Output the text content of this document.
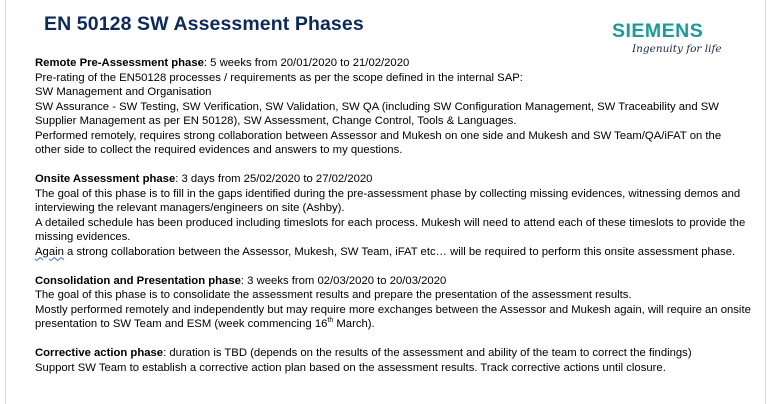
EN 50128 SW Assessment Phases	SIEMENS
Ingenuity for life
Remote Pre-Assessment phase: 5 weeks from 20/01/2020 to 21/02/2020
Pre-rating of the EN50128 processes / requirements as per the scope defined in the internal SAP:
SW Management and Organisation
SW Assurance - SW Testing, SW Verification, SW Validation, SW QA (including SW Configuration Management, SW Traceability and SW
Supplier Management as per EN 50128), SW Assessment, Change Control, Tools & Languages.
Performed remotely, requires strong collaboration between Assessor and Mukesh on one side and Mukesh and SW Team/QA/iFAT on the
other side to collect the required evidences and answers to my questions.
Onsite Assessment phase: 3 days from 25/02/2020 to 27/02/2020
The goal of this phase is to fill in the gaps identified during the pre-assessment phase by collecting missing evidences, witnessing demos and
interviewing the relevant managers/engineers on site (Ashby).
A detailed schedule has been produced including timeslots for each process. Mukesh will need to attend each of these timeslots to provide the
missing evidences.
Again a strong collaboration between the Assessor, Mukesh, SW Team, iFAT etc… will be required to perform this onsite assessment phase.
Consolidation and Presentation phase: 3 weeks from 02/03/2020 to 20/03/2020
The goal of this phase is to consolidate the assessment results and prepare the presentation of the assessment results.
Mostly performed remotely and independently but may require more exchanges between the Assessor and Mukesh again, will require an onsite
presentation to SW Team and ESM (week commencing 16th March).
Corrective action phase: duration is TBD (depends on the results of the assessment and ability of the team to correct the findings)
Support SW Team to establish a corrective action plan based on the assessment results. Track corrective actions until closure.
